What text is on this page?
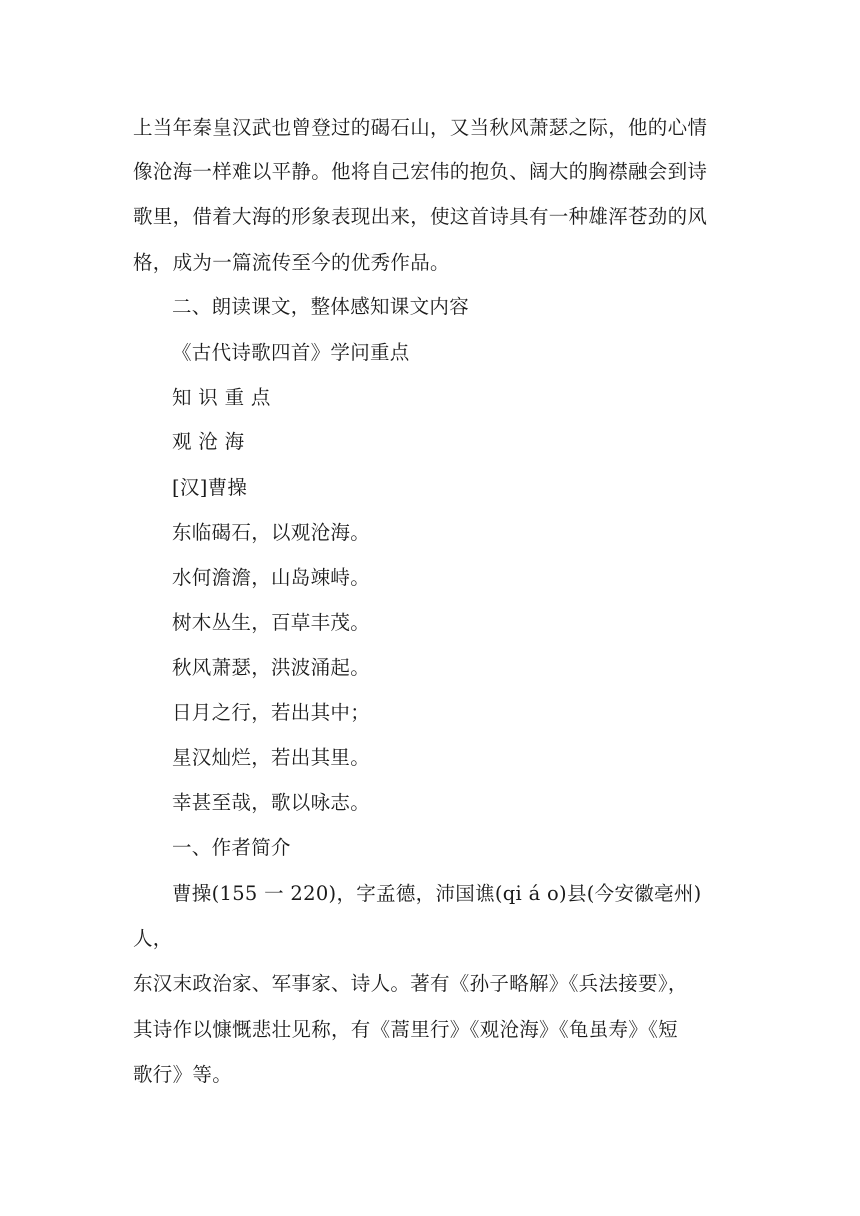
上当年秦皇汉武也曾登过的碣石山，又当秋风萧瑟之际，他的心情
像沧海一样难以平静。他将自己宏伟的抱负、阔大的胸襟融会到诗
歌里，借着大海的形象表现出来，使这首诗具有一种雄浑苍劲的风
格，成为一篇流传至今的优秀作品。
二、朗读课文，整体感知课文内容
《古代诗歌四首》学问重点
知 识 重 点
观 沧 海
[汉]曹操
东临碣石，以观沧海。
水何澹澹，山岛竦峙。
树木丛生，百草丰茂。
秋风萧瑟，洪波涌起。
日月之行，若出其中；
星汉灿烂，若出其里。
幸甚至哉，歌以咏志。
一、作者简介
曹操(155 一 220)，字孟德，沛国谯(qi á o)县(今安徽亳州)
人，
东汉末政治家、军事家、诗人。著有《孙子略解》《兵法接要》，
其诗作以慷慨悲壮见称，有《蒿里行》《观沧海》《龟虽寿》《短
歌行》等。
